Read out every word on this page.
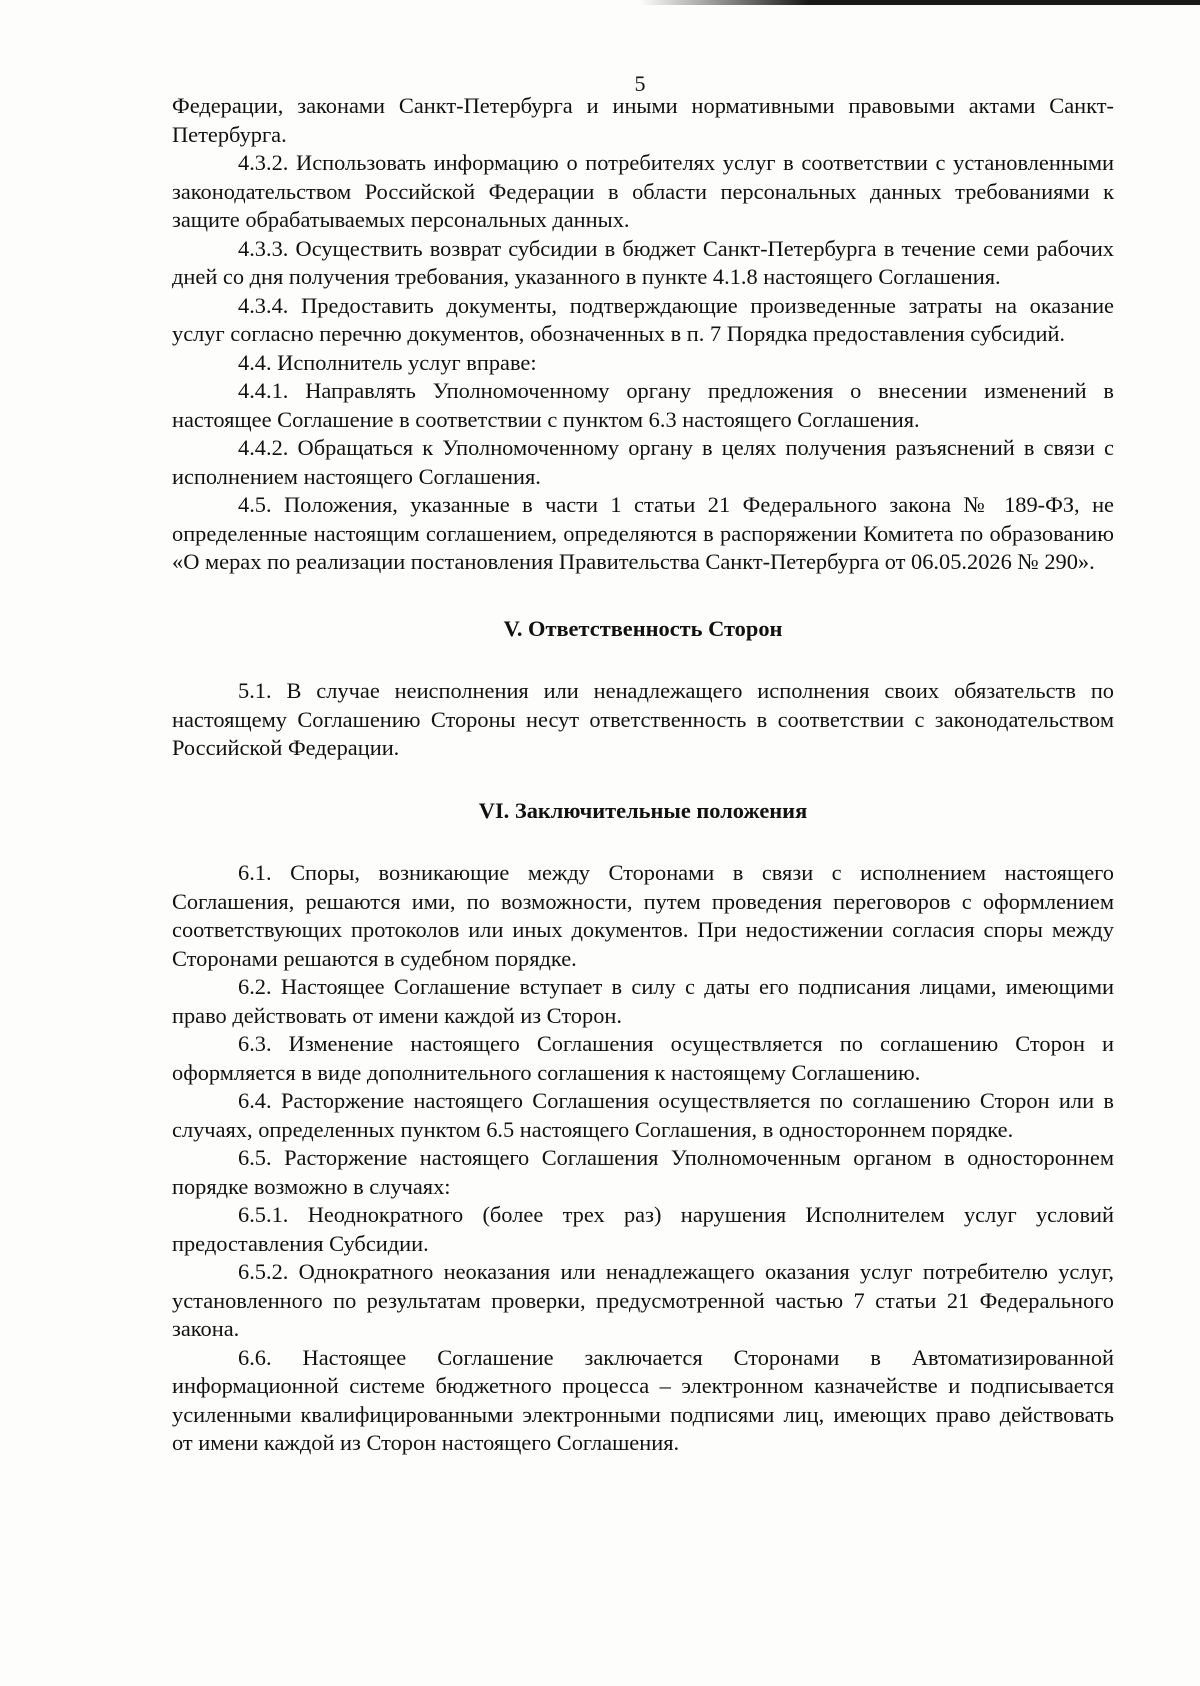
5

Федерации, законами Санкт-Петербурга и иными нормативными правовыми актами Санкт-Петербурга.

4.3.2. Использовать информацию о потребителях услуг в соответствии с установленными законодательством Российской Федерации в области персональных данных требованиями к защите обрабатываемых персональных данных.

4.3.3. Осуществить возврат субсидии в бюджет Санкт-Петербурга в течение семи рабочих дней со дня получения требования, указанного в пункте 4.1.8 настоящего Соглашения.

4.3.4. Предоставить документы, подтверждающие произведенные затраты на оказание услуг согласно перечню документов, обозначенных в п. 7 Порядка предоставления субсидий.

4.4. Исполнитель услуг вправе:

4.4.1. Направлять Уполномоченному органу предложения о внесении изменений в настоящее Соглашение в соответствии с пунктом 6.3 настоящего Соглашения.

4.4.2. Обращаться к Уполномоченному органу в целях получения разъяснений в связи с исполнением настоящего Соглашения.

4.5. Положения, указанные в части 1 статьи 21 Федерального закона № 189-ФЗ, не определенные настоящим соглашением, определяются в распоряжении Комитета по образованию «О мерах по реализации постановления Правительства Санкт-Петербурга от 06.05.2026 № 290».

V. Ответственность Сторон

5.1. В случае неисполнения или ненадлежащего исполнения своих обязательств по настоящему Соглашению Стороны несут ответственность в соответствии с законодательством Российской Федерации.

VI. Заключительные положения

6.1. Споры, возникающие между Сторонами в связи с исполнением настоящего Соглашения, решаются ими, по возможности, путем проведения переговоров с оформлением соответствующих протоколов или иных документов. При недостижении согласия споры между Сторонами решаются в судебном порядке.

6.2. Настоящее Соглашение вступает в силу с даты его подписания лицами, имеющими право действовать от имени каждой из Сторон.

6.3. Изменение настоящего Соглашения осуществляется по соглашению Сторон и оформляется в виде дополнительного соглашения к настоящему Соглашению.

6.4. Расторжение настоящего Соглашения осуществляется по соглашению Сторон или в случаях, определенных пунктом 6.5 настоящего Соглашения, в одностороннем порядке.

6.5. Расторжение настоящего Соглашения Уполномоченным органом в одностороннем порядке возможно в случаях:

6.5.1. Неоднократного (более трех раз) нарушения Исполнителем услуг условий предоставления Субсидии.

6.5.2. Однократного неоказания или ненадлежащего оказания услуг потребителю услуг, установленного по результатам проверки, предусмотренной частью 7 статьи 21 Федерального закона.

6.6. Настоящее Соглашение заключается Сторонами в Автоматизированной информационной системе бюджетного процесса – электронном казначействе и подписывается усиленными квалифицированными электронными подписями лиц, имеющих право действовать от имени каждой из Сторон настоящего Соглашения.
